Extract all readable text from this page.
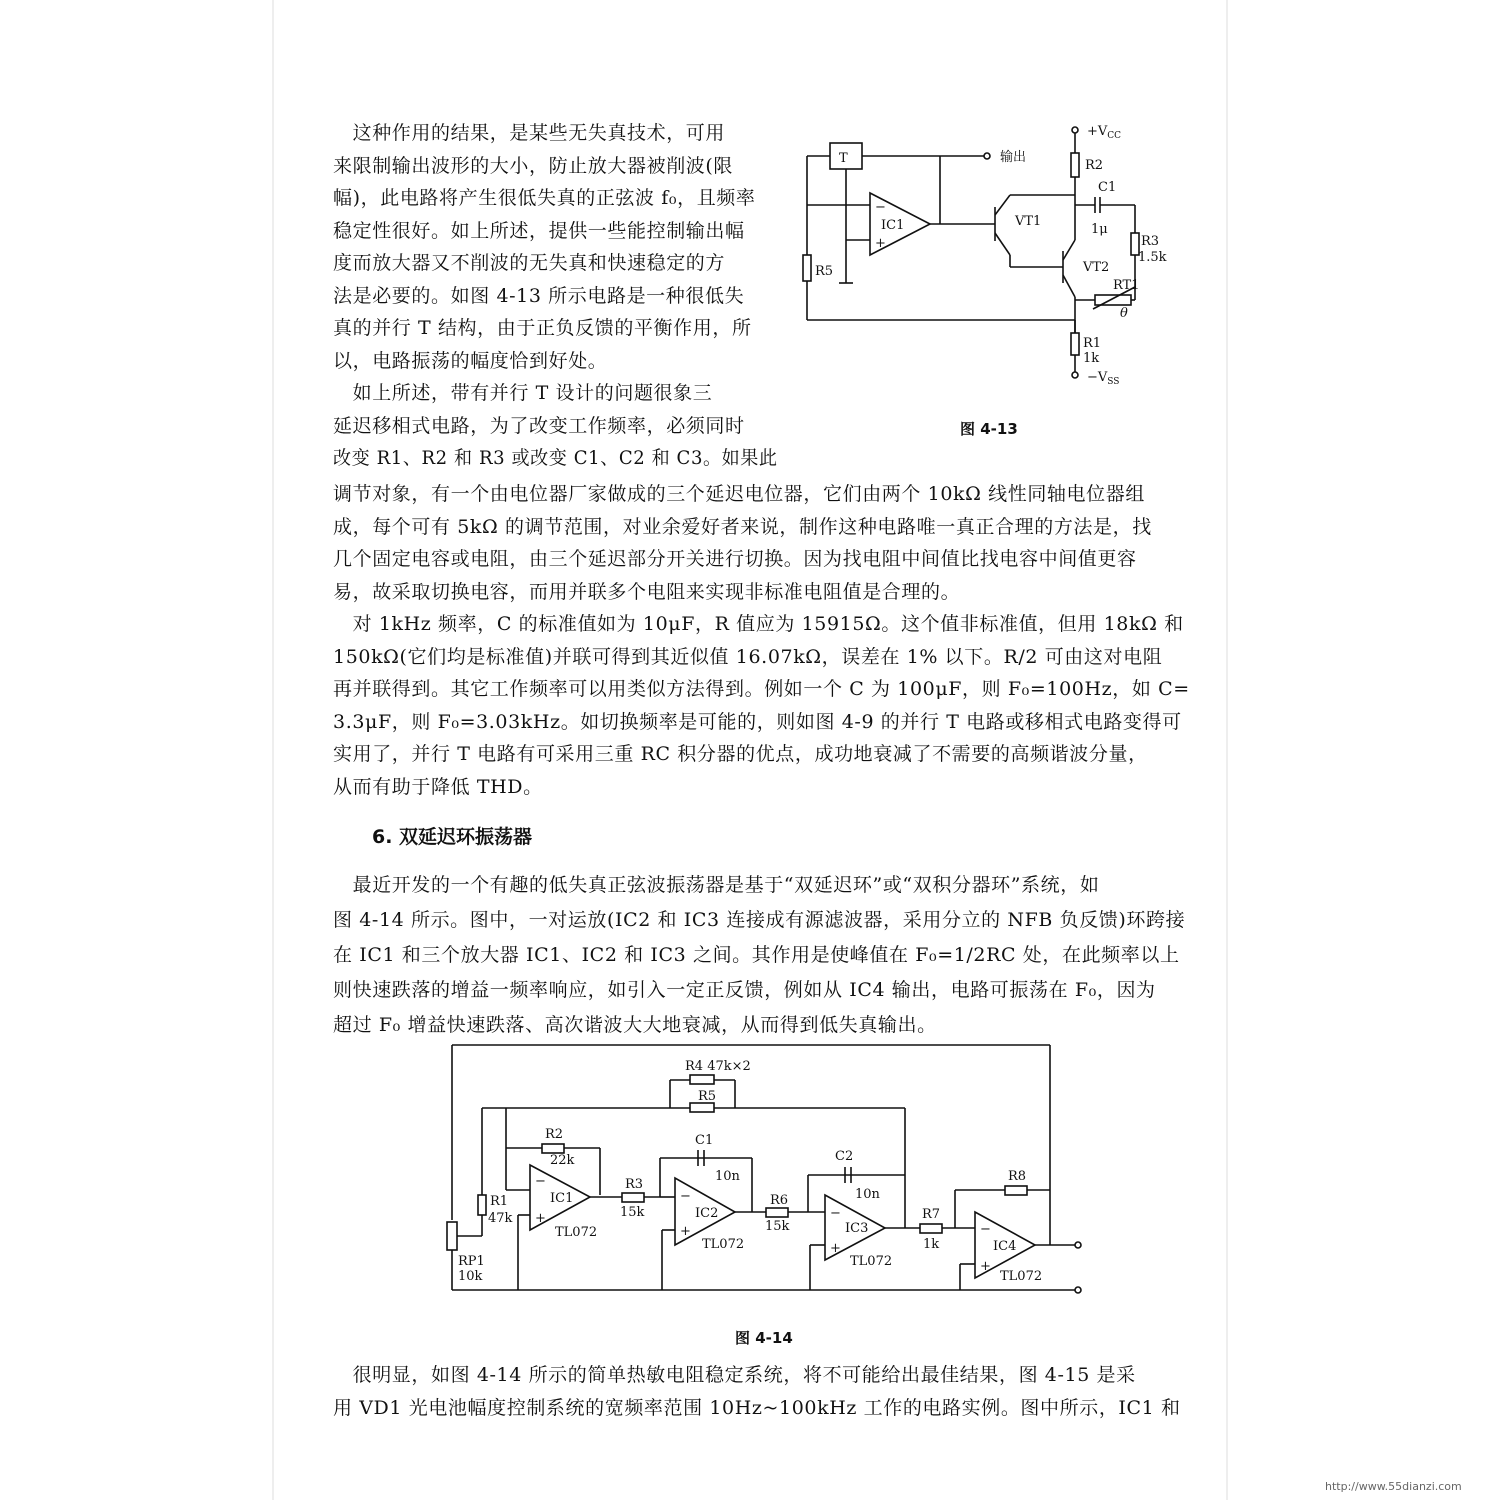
　这种作用的结果，是某些无失真技术，可用
来限制输出波形的大小，防止放大器被削波(限
幅)，此电路将产生很低失真的正弦波 f₀，且频率
稳定性很好。如上所述，提供一些能控制输出幅
度而放大器又不削波的无失真和快速稳定的方
法是必要的。如图 4-13 所示电路是一种很低失
真的并行 T 结构，由于正负反馈的平衡作用，所
以，电路振荡的幅度恰到好处。
　如上所述，带有并行 T 设计的问题很象三
延迟移相式电路，为了改变工作频率，必须同时
改变 R1、R2 和 R3 或改变 C1、C2 和 C3。如果此
调节对象，有一个由电位器厂家做成的三个延迟电位器，它们由两个 10kΩ 线性同轴电位器组
成，每个可有 5kΩ 的调节范围，对业余爱好者来说，制作这种电路唯一真正合理的方法是，找
几个固定电容或电阻，由三个延迟部分开关进行切换。因为找电阻中间值比找电容中间值更容
易，故采取切换电容，而用并联多个电阻来实现非标准电阻值是合理的。
　对 1kHz 频率，C 的标准值如为 10μF，R 值应为 15915Ω。这个值非标准值，但用 18kΩ 和
150kΩ(它们均是标准值)并联可得到其近似值 16.07kΩ，误差在 1% 以下。R/2 可由这对电阻
再并联得到。其它工作频率可以用类似方法得到。例如一个 C 为 100μF，则 F₀=100Hz，如 C=
3.3μF，则 F₀=3.03kHz。如切换频率是可能的，则如图 4-9 的并行 T 电路或移相式电路变得可
实用了，并行 T 电路有可采用三重 RC 积分器的优点，成功地衰减了不需要的高频谐波分量，
从而有助于降低 THD。
6. 双延迟环振荡器
　最近开发的一个有趣的低失真正弦波振荡器是基于“双延迟环”或“双积分器环”系统，如
图 4-14 所示。图中，一对运放(IC2 和 IC3 连接成有源滤波器，采用分立的 NFB 负反馈)环跨接
在 IC1 和三个放大器 IC1、IC2 和 IC3 之间。其作用是使峰值在 F₀=1/2RC 处，在此频率以上
则快速跌落的增益一频率响应，如引入一定正反馈，例如从 IC4 输出，电路可振荡在 F₀，因为
超过 F₀ 增益快速跌落、高次谐波大大地衰减，从而得到低失真输出。
　很明显，如图 4-14 所示的简单热敏电阻稳定系统，将不可能给出最佳结果，图 4-15 是采
用 VD1 光电池幅度控制系统的宽频率范围 10Hz~100kHz 工作的电路实例。图中所示，IC1 和
T	输出
R5
IC1
−
+
VT1
VT2
$+V_{CC}$
R2
C1
1μ
R3
1.5k
RT1
θ
R1
1k
$-V_{SS}$
图 4-13
RP1
10k
R1
47k
R4 47k×2
R5
R2
22k
−
+
IC1
TL072
R3
15k
C1
10n
−
+
IC2
TL072
R6
15k
C2
10n
−
+
IC3
TL072
R7
1k
R8
−
+
IC4
TL072
图 4-14
http://www.55dianzi.com
